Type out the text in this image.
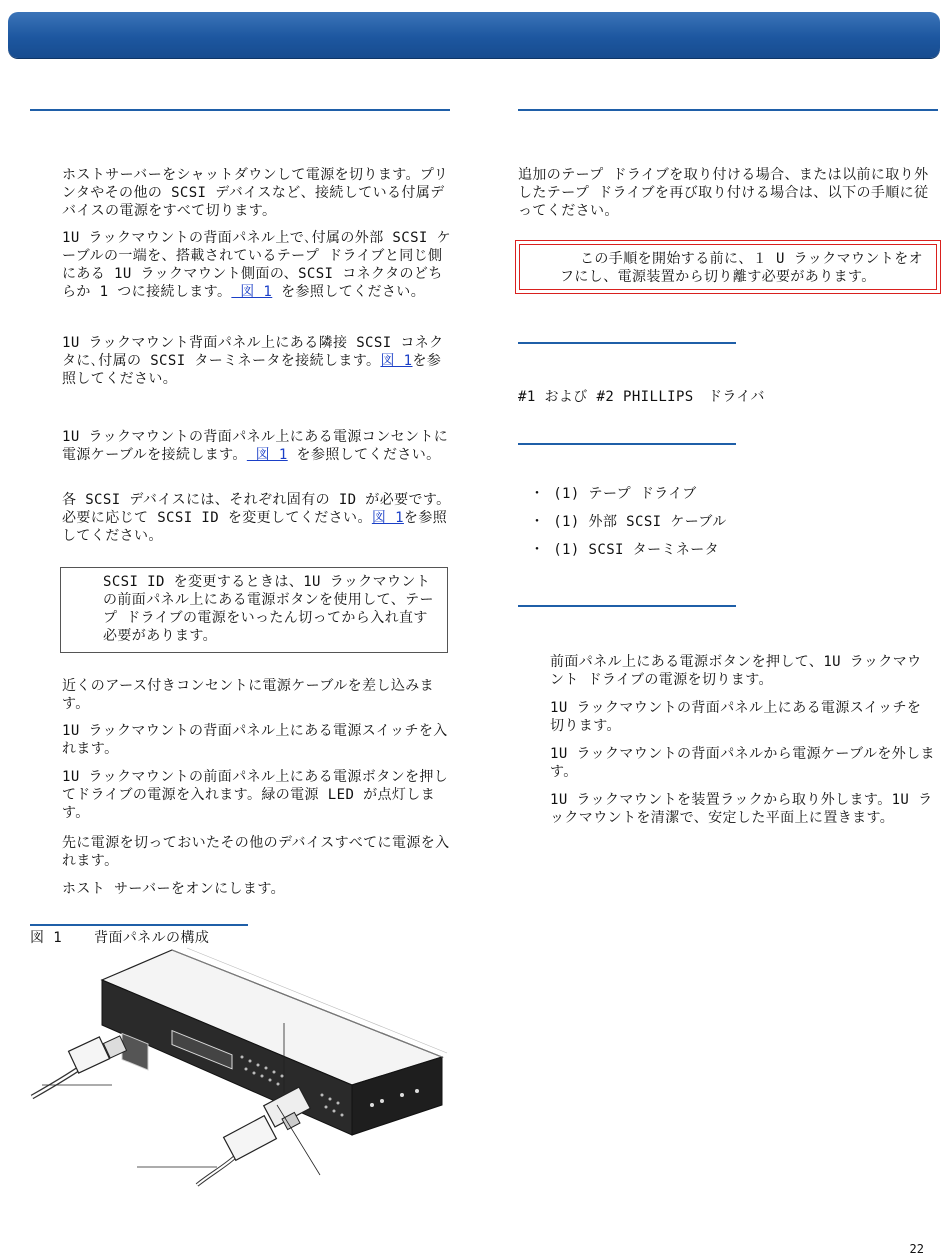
ホストサーバーをシャットダウンして電源を切ります。プリンタやその他の SCSI デバイスなど、接続している付属デバイスの電源をすべて切ります。

1U ラックマウントの背面パネル上で､付属の外部 SCSI ケーブルの一端を、搭載されているテープ ドライブと同じ側にある 1U ラックマウント側面の、SCSI コネクタのどちらか 1 つに接続します。 図 1 を参照してください。

1U ラックマウント背面パネル上にある隣接 SCSI コネクタに､付属の SCSI ターミネータを接続します。図 1を参照してください。

1U ラックマウントの背面パネル上にある電源コンセントに電源ケーブルを接続します。 図 1 を参照してください。

各 SCSI デバイスには、それぞれ固有の ID が必要です。必要に応じて SCSI ID を変更してください。図 1を参照してください。

SCSI ID を変更するときは、1U ラックマウントの前面パネル上にある電源ボタンを使用して、テープ ドライブの電源をいったん切ってから入れ直す必要があります。

近くのアース付きコンセントに電源ケーブルを差し込みます。

1U ラックマウントの背面パネル上にある電源スイッチを入れます。

1U ラックマウントの前面パネル上にある電源ボタンを押してドライブの電源を入れます。緑の電源 LED が点灯します。

先に電源を切っておいたその他のデバイスすべてに電源を入れます。

ホスト サーバーをオンにします。

図 1 背面パネルの構成

追加のテープ ドライブを取り付ける場合、または以前に取り外したテープ ドライブを再び取り付ける場合は、以下の手順に従ってください。

この手順を開始する前に、１ U ラックマウントをオフにし、電源装置から切り離す必要があります。

#1 および #2 PHILLIPS　ドライバ

・ (1) テープ ドライブ
・ (1) 外部 SCSI ケーブル
・ (1) SCSI ターミネータ

前面パネル上にある電源ボタンを押して、1U ラックマウント ドライブの電源を切ります。

1U ラックマウントの背面パネル上にある電源スイッチを切ります。

1U ラックマウントの背面パネルから電源ケーブルを外します。

1U ラックマウントを装置ラックから取り外します。1U ラックマウントを清潔で、安定した平面上に置きます。

22
